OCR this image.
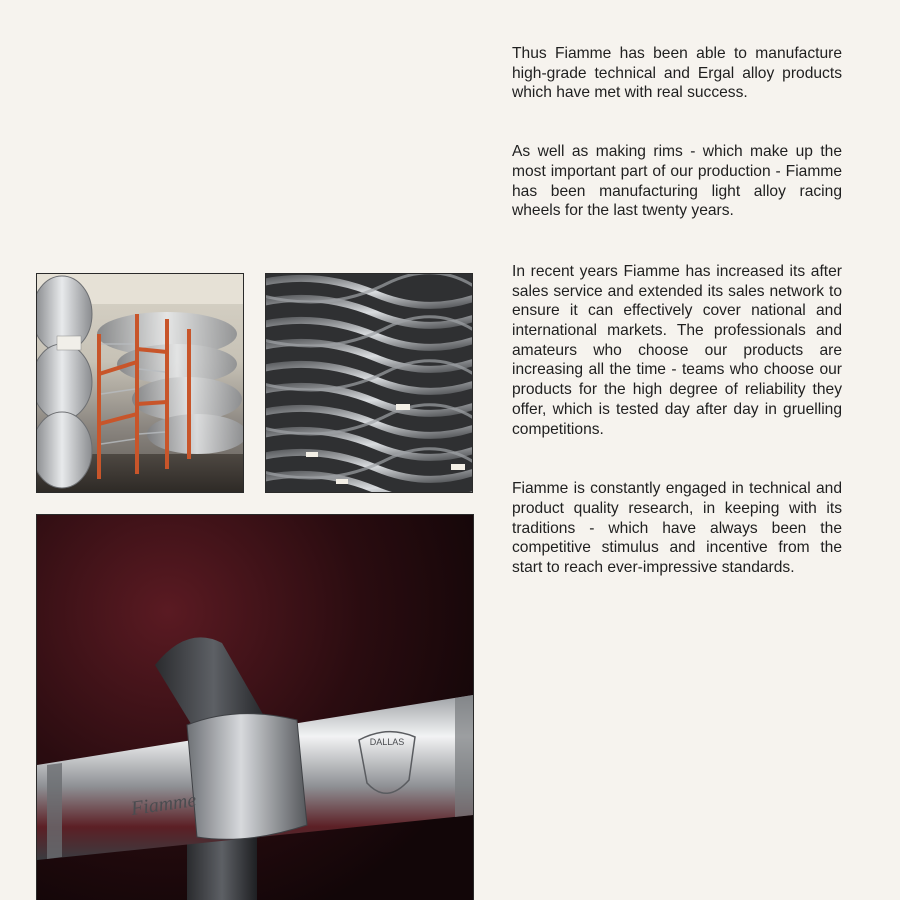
DALLAS
Fiamme

Thus Fiamme has been able to manufacture high-grade technical and Ergal alloy products which have met with real success.

As well as making rims - which make up the most important part of our production - Fiamme has been manufacturing light alloy racing wheels for the last twenty years.

In recent years Fiamme has increased its after sales service and extended its sales network to ensure it can effectively cover national and international markets. The professionals and amateurs who choose our products are increasing all the time - teams who choose our products for the high degree of reliability they offer, which is tested day after day in gruelling competitions.

Fiamme is constantly engaged in technical and product quality research, in keeping with its traditions - which have always been the competitive stimulus and incentive from the start to reach ever-impressive standards.
